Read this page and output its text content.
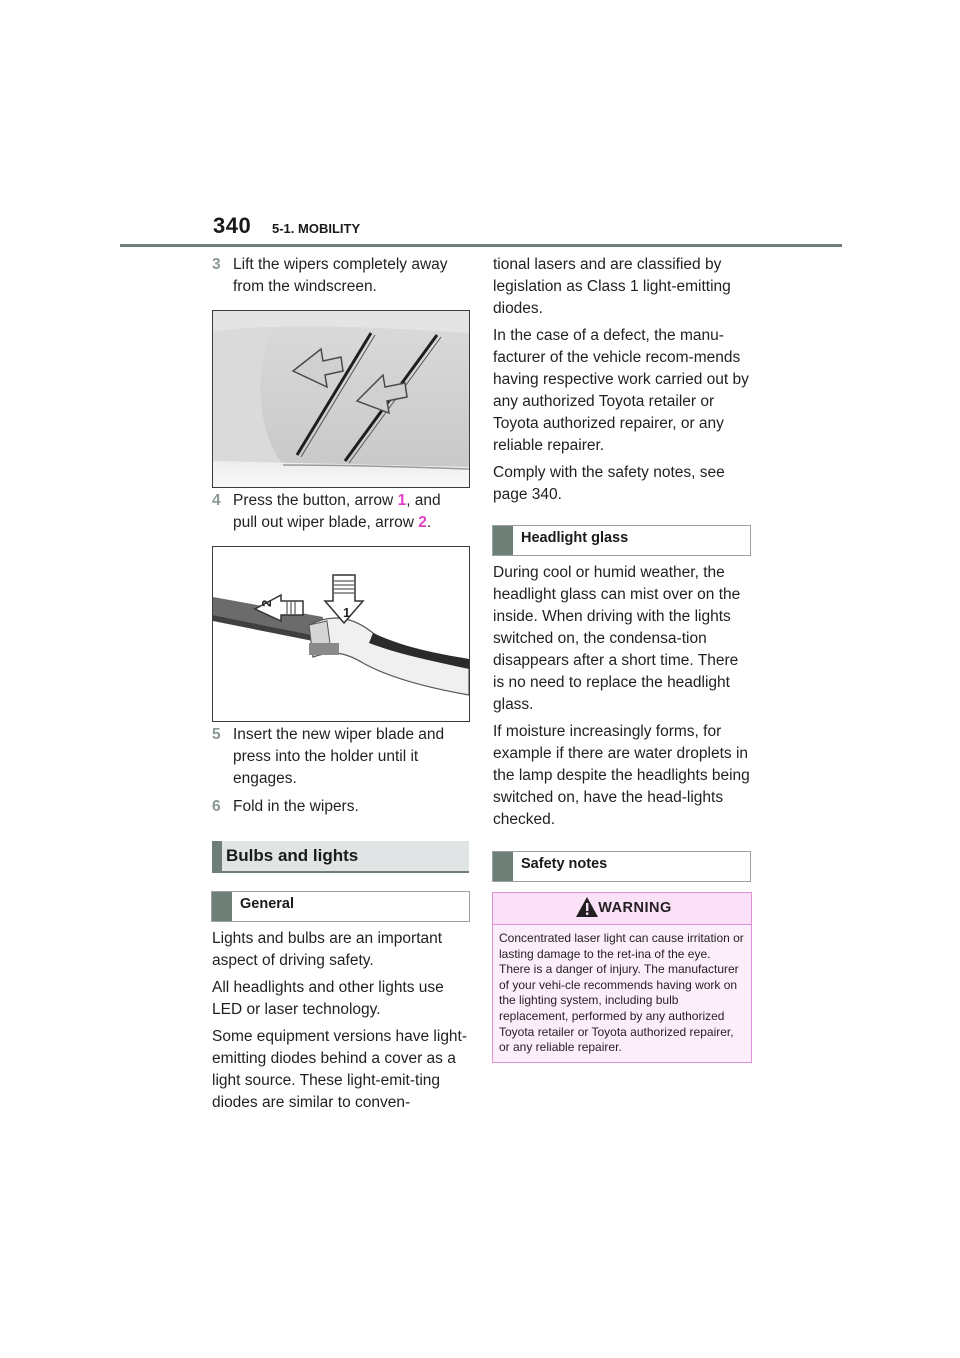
340 5-1. MOBILITY
3 Lift the wipers completely away from the windscreen.
4 Press the button, arrow 1, and pull out wiper blade, arrow 2.
1
2
5 Insert the new wiper blade and press into the holder until it engages.
6 Fold in the wipers.
Bulbs and lights
General

Lights and bulbs are an important aspect of driving safety.

All headlights and other lights use LED or laser technology.

Some equipment versions have light-emitting diodes behind a cover as a light source. These light-emit-ting diodes are similar to conven-

tional lasers and are classified by legislation as Class 1 light-emitting diodes.

In the case of a defect, the manu-facturer of the vehicle recom-mends having respective work carried out by any authorized Toyota retailer or Toyota authorized repairer, or any reliable repairer.

Comply with the safety notes, see page 340.

Headlight glass

During cool or humid weather, the headlight glass can mist over on the inside. When driving with the lights switched on, the condensa-tion disappears after a short time. There is no need to replace the headlight glass.

If moisture increasingly forms, for example if there are water droplets in the lamp despite the headlights being switched on, have the head-lights checked.

Safety notes
WARNING
Concentrated laser light can cause irritation or lasting damage to the ret-ina of the eye. There is a danger of injury. The manufacturer of your vehi-cle recommends having work on the lighting system, including bulb replacement, performed by any authorized Toyota retailer or Toyota authorized repairer, or any reliable repairer.
